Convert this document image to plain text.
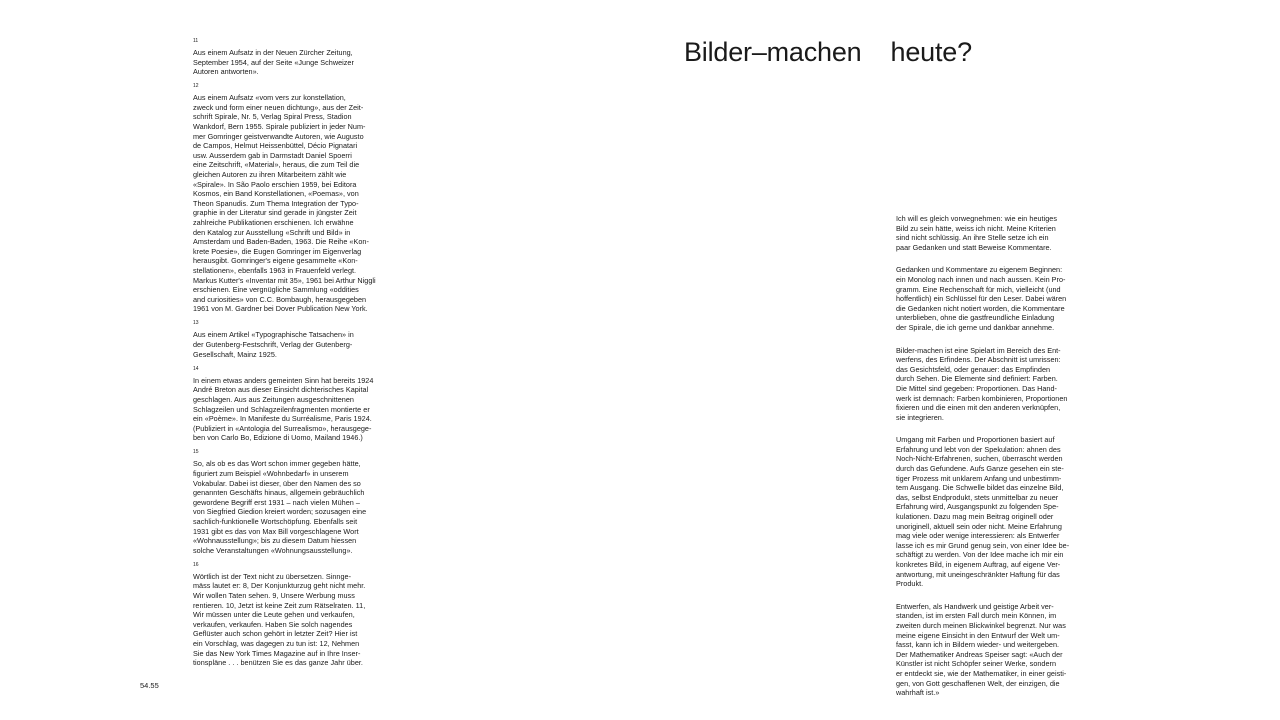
11
Aus einem Aufsatz in der Neuen Zürcher Zeitung,
September 1954, auf der Seite «Junge Schweizer
Autoren antworten».
12
Aus einem Aufsatz «vom vers zur konstellation,
zweck und form einer neuen dichtung», aus der Zeit-
schrift Spirale, Nr. 5, Verlag Spiral Press, Stadion
Wankdorf, Bern 1955. Spirale publiziert in jeder Num-
mer Gomringer geistverwandte Autoren, wie Augusto
de Campos, Helmut Heissenbüttel, Décio Pignatari
usw. Ausserdem gab in Darmstadt Daniel Spoerri
eine Zeitschrift, «Material», heraus, die zum Teil die
gleichen Autoren zu ihren Mitarbeitern zählt wie
«Spirale». In São Paolo erschien 1959, bei Editora
Kosmos, ein Band Konstellationen, «Poemas», von
Theon Spanudis. Zum Thema Integration der Typo-
graphie in der Literatur sind gerade in jüngster Zeit
zahlreiche Publikationen erschienen. Ich erwähne
den Katalog zur Ausstellung «Schrift und Bild» in
Amsterdam und Baden-Baden, 1963. Die Reihe «Kon-
krete Poesie», die Eugen Gomringer im Eigenverlag
herausgibt. Gomringer's eigene gesammelte «Kon-
stellationen», ebenfalls 1963 in Frauenfeld verlegt.
Markus Kutter's «Inventar mit 35», 1961 bei Arthur Niggli
erschienen. Eine vergnügliche Sammlung «oddities
and curiosities» von C.C. Bombaugh, herausgegeben
1961 von M. Gardner bei Dover Publication New York.
13
Aus einem Artikel «Typographische Tatsachen» in
der Gutenberg-Festschrift, Verlag der Gutenberg-
Gesellschaft, Mainz 1925.
14
In einem etwas anders gemeinten Sinn hat bereits 1924
André Breton aus dieser Einsicht dichterisches Kapital
geschlagen. Aus aus Zeitungen ausgeschnittenen
Schlagzeilen und Schlagzeilenfragmenten montierte er
ein «Poème». In Manifeste du Surréalisme, Paris 1924.
(Publiziert in «Antologia del Surrealismo», herausgege-
ben von Carlo Bo, Edizione di Uomo, Mailand 1946.)
15
So, als ob es das Wort schon immer gegeben hätte,
figuriert zum Beispiel «Wohnbedarf» in unserem
Vokabular. Dabei ist dieser, über den Namen des so
genannten Geschäfts hinaus, allgemein gebräuchlich
gewordene Begriff erst 1931 – nach vielen Mühen –
von Siegfried Giedion kreiert worden; sozusagen eine
sachlich-funktionelle Wortschöpfung. Ebenfalls seit
1931 gibt es das von Max Bill vorgeschlagene Wort
«Wohnausstellung»; bis zu diesem Datum hiessen
solche Veranstaltungen «Wohnungsausstellung».
16
Wörtlich ist der Text nicht zu übersetzen. Sinnge-
mäss lautet er: 8, Der Konjunkturzug geht nicht mehr.
Wir wollen Taten sehen. 9, Unsere Werbung muss
rentieren. 10, Jetzt ist keine Zeit zum Rätselraten. 11,
Wir müssen unter die Leute gehen und verkaufen,
verkaufen, verkaufen. Haben Sie solch nagendes
Geflüster auch schon gehört in letzter Zeit? Hier ist
ein Vorschlag, was dagegen zu tun ist: 12, Nehmen
Sie das New York Times Magazine auf in Ihre Inser-
tionspläne . . . benützen Sie es das ganze Jahr über.
54.55
Bilder–machen heute?

Ich will es gleich vorwegnehmen: wie ein heutiges
Bild zu sein hätte, weiss ich nicht. Meine Kriterien
sind nicht schlüssig. An ihre Stelle setze ich ein
paar Gedanken und statt Beweise Kommentare.

Gedanken und Kommentare zu eigenem Beginnen:
ein Monolog nach innen und nach aussen. Kein Pro-
gramm. Eine Rechenschaft für mich, vielleicht (und
hoffentlich) ein Schlüssel für den Leser. Dabei wären
die Gedanken nicht notiert worden, die Kommentare
unterblieben, ohne die gastfreundliche Einladung
der Spirale, die ich gerne und dankbar annehme.

Bilder-machen ist eine Spielart im Bereich des Ent-
werfens, des Erfindens. Der Abschnitt ist umrissen:
das Gesichtsfeld, oder genauer: das Empfinden
durch Sehen. Die Elemente sind definiert: Farben.
Die Mittel sind gegeben: Proportionen. Das Hand-
werk ist demnach: Farben kombinieren, Proportionen
fixieren und die einen mit den anderen verknüpfen,
sie integrieren.

Umgang mit Farben und Proportionen basiert auf
Erfahrung und lebt von der Spekulation: ahnen des
Noch-Nicht-Erfahrenen, suchen, überrascht werden
durch das Gefundene. Aufs Ganze gesehen ein ste-
tiger Prozess mit unklarem Anfang und unbestimm-
tem Ausgang. Die Schwelle bildet das einzelne Bild,
das, selbst Endprodukt, stets unmittelbar zu neuer
Erfahrung wird, Ausgangspunkt zu folgenden Spe-
kulationen. Dazu mag mein Beitrag originell oder
unoriginell, aktuell sein oder nicht. Meine Erfahrung
mag viele oder wenige interessieren: als Entwerfer
lasse ich es mir Grund genug sein, von einer Idee be-
schäftigt zu werden. Von der Idee mache ich mir ein
konkretes Bild, in eigenem Auftrag, auf eigene Ver-
antwortung, mit uneingeschränkter Haftung für das
Produkt.

Entwerfen, als Handwerk und geistige Arbeit ver-
standen, ist im ersten Fall durch mein Können, im
zweiten durch meinen Blickwinkel begrenzt. Nur was
meine eigene Einsicht in den Entwurf der Welt um-
fasst, kann ich in Bildern wieder- und weitergeben.
Der Mathematiker Andreas Speiser sagt: «Auch der
Künstler ist nicht Schöpfer seiner Werke, sondern
er entdeckt sie, wie der Mathematiker, in einer geisti-
gen, von Gott geschaffenen Welt, der einzigen, die
wahrhaft ist.»
